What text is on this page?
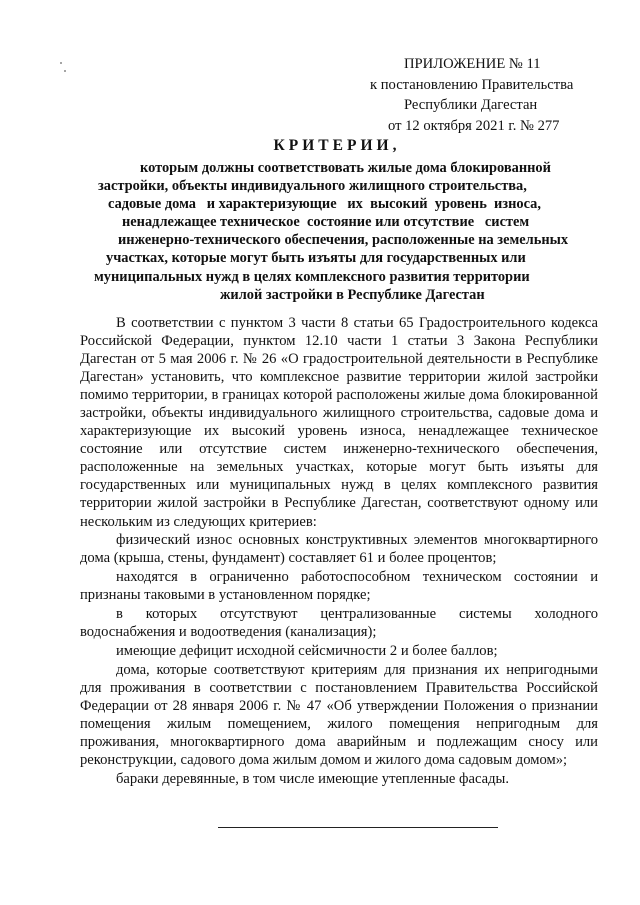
ПРИЛОЖЕНИЕ № 11
к постановлению Правительства
Республики Дагестан
от 12 октября 2021 г. № 277
КРИТЕРИИ,
которым должны соответствовать жилые дома блокированной
застройки, объекты индивидуального жилищного строительства,
садовые дома   и характеризующие   их  высокий  уровень  износа,
ненадлежащее техническое  состояние или отсутствие   систем
инженерно-технического обеспечения, расположенные на земельных
участках, которые могут быть изъяты для государственных или
муниципальных нужд в целях комплексного развития территории
жилой застройки в Республике Дагестан

В соответствии с пунктом 3 части 8 статьи 65 Градостроительного кодекса Российской Федерации, пунктом 12.10 части 1 статьи 3 Закона Республики Дагестан от 5 мая 2006 г. № 26 «О градостроительной деятельности в Республике Дагестан» установить, что комплексное развитие территории жилой застройки помимо территории, в границах которой расположены жилые дома блокированной застройки, объекты индивидуального жилищного строительства, садовые дома и характеризующие их высокий уровень износа, ненадлежащее техническое состояние или отсутствие систем инженерно-технического обеспечения, расположенные на земельных участках, которые могут быть изъяты для государственных или муниципальных нужд в целях комплексного развития территории жилой застройки в Республике Дагестан, соответствуют одному или нескольким из следующих критериев:

физический износ основных конструктивных элементов многоквартирного дома (крыша, стены, фундамент) составляет 61 и более процентов;

находятся в ограниченно работоспособном техническом состоянии и признаны таковыми в установленном порядке;

в которых отсутствуют централизованные системы холодного водоснабжения и водоотведения (канализация);

имеющие дефицит исходной сейсмичности 2 и более баллов;

дома, которые соответствуют критериям для признания их непригодными для проживания в соответствии с постановлением Правительства Российской Федерации от 28 января 2006 г. № 47 «Об утверждении Положения о признании помещения жилым помещением, жилого помещения непригодным для проживания, многоквартирного дома аварийным и подлежащим сносу или реконструкции, садового дома жилым домом и жилого дома садовым домом»;

бараки деревянные, в том числе имеющие утепленные фасады.
